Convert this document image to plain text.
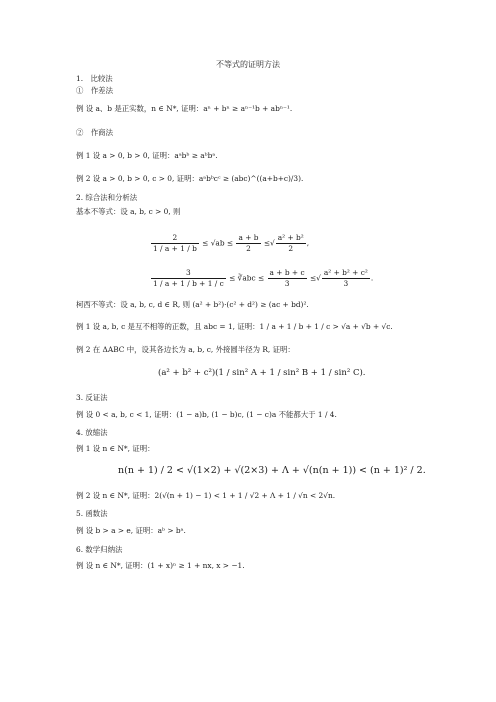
不等式的证明方法
1.　比较法
①　作差法
例 设 a、b 是正实数，n ∈ N*, 证明：aⁿ + bⁿ ≥ aⁿ⁻¹b + abⁿ⁻¹.
②　作商法
例 1 设 a > 0, b > 0, 证明：aᵃbᵇ ≥ aᵇbᵃ.
例 2 设 a > 0, b > 0, c > 0, 证明：aᵃbᵇcᶜ ≥ (abc)^((a+b+c)/3).
2. 综合法和分析法
基本不等式：设 a, b, c > 0, 则
$\frac{2}{1 / a + 1 / b} \le √ab \le \frac{a + b}{2}$ ≤√ $\frac{\text{a² + b²}}{2}$ ,
$\frac{3}{1 / a + 1 / b + 1 / c}$ ≤ ∛abc ≤ $\frac{a + b + c}{3}$ ≤√ $\frac{\text{a² + b² + c²}}{3}$ .
柯西不等式：设 a, b, c, d ∈ R, 则 (a² + b²)·(c² + d²) ≥ (ac + bd)².
例 1 设 a, b, c 是互不相等的正数，且 abc = 1, 证明：1 / a + 1 / b + 1 / c > √a + √b + √c.
例 2 在 ΔABC 中，设其各边长为 a, b, c, 外接圆半径为 R, 证明：
(a² + b² + c²)(1 / sin² A + 1 / sin² B + 1 / sin² C).
3. 反证法
例 设 0 < a, b, c < 1, 证明：(1 − a)b, (1 − b)c, (1 − c)a 不能都大于 1 / 4.
4. 放缩法
例 1 设 n ∈ N*, 证明：
n(n + 1) / 2 < √(1×2) + √(2×3) + Λ + √(n(n + 1)) < (n + 1)² / 2.
例 2 设 n ∈ N*, 证明：2(√(n + 1) − 1) < 1 + 1 / √2 + Λ + 1 / √n < 2√n.
5. 函数法
例 设 b > a > e, 证明：aᵇ > bᵃ.
6. 数学归纳法
例 设 n ∈ N*, 证明：(1 + x)ⁿ ≥ 1 + nx, x > −1.
